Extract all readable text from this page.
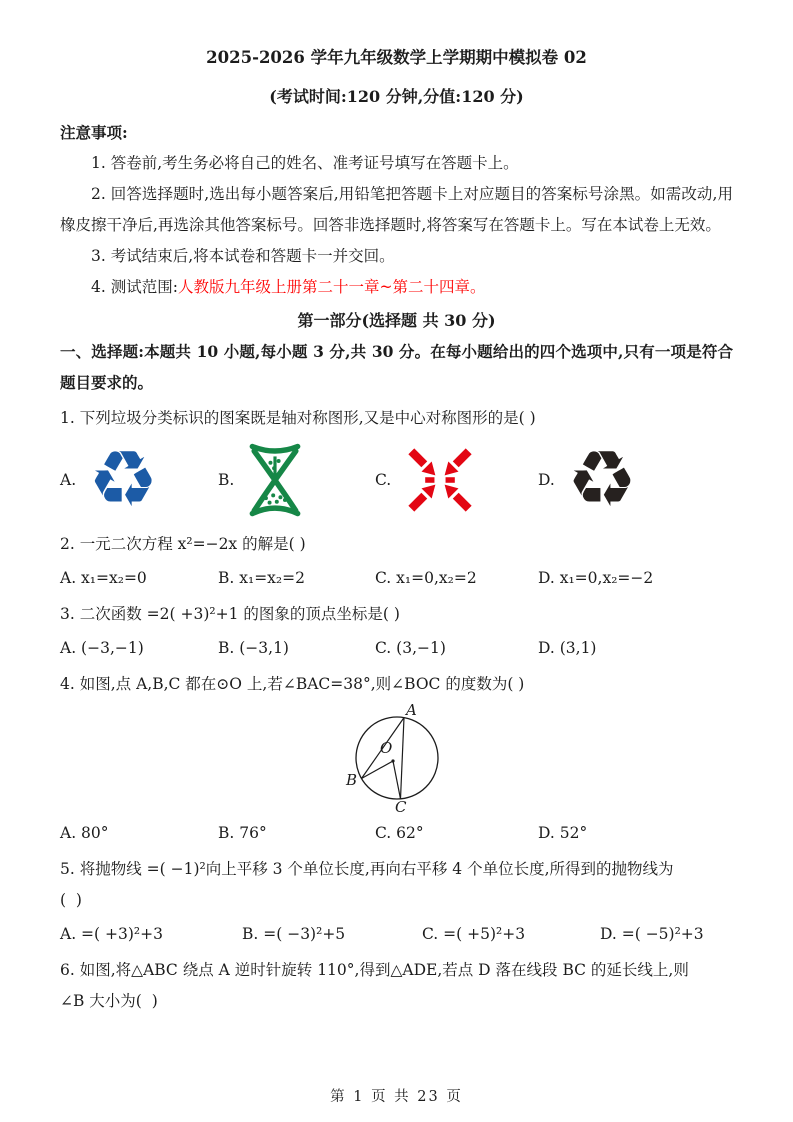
2025-2026 学年九年级数学上学期期中模拟卷 02
(考试时间:120 分钟,分值:120 分)

注意事项:

1. 答卷前,考生务必将自己的姓名、准考证号填写在答题卡上。

2. 回答选择题时,选出每小题答案后,用铅笔把答题卡上对应题目的答案标号涂黑。如需改动,用橡皮擦干净后,再选涂其他答案标号。回答非选择题时,将答案写在答题卡上。写在本试卷上无效。

3. 考试结束后,将本试卷和答题卡一并交回。

4. 测试范围:人教版九年级上册第二十一章~第二十四章。

第一部分(选择题 共 30 分)

一、选择题:本题共 10 小题,每小题 3 分,共 30 分。在每小题给出的四个选项中,只有一项是符合题目要求的。

1. 下列垃圾分类标识的图案既是轴对称图形,又是中心对称图形的是( )

A. ♻	B.	C.	D. ♻

2. 一元二次方程 x²=−2x 的解是( )

A. x₁=x₂=0	B. x₁=x₂=2	C. x₁=0,x₂=2	D. x₁=0,x₂=−2

3. 二次函数 =2( +3)²+1 的图象的顶点坐标是( )

A. (−3,−1)	B. (−3,1)	C. (3,−1)	D. (3,1)

4. 如图,点 A,B,C 都在⊙O 上,若∠BAC=38°,则∠BOC 的度数为( )

A
B
C
O
A. 80°	B. 76°	C. 62°	D. 52°

5. 将抛物线 =( −1)²向上平移 3 个单位长度,再向右平移 4 个单位长度,所得到的抛物线为

(  )

A. =( +3)²+3	B. =( −3)²+5	C. =( +5)²+3	D. =( −5)²+3

6. 如图,将△ABC 绕点 A 逆时针旋转 110°,得到△ADE,若点 D 落在线段 BC 的延长线上,则

∠B 大小为(  )

第 1 页 共 23 页
